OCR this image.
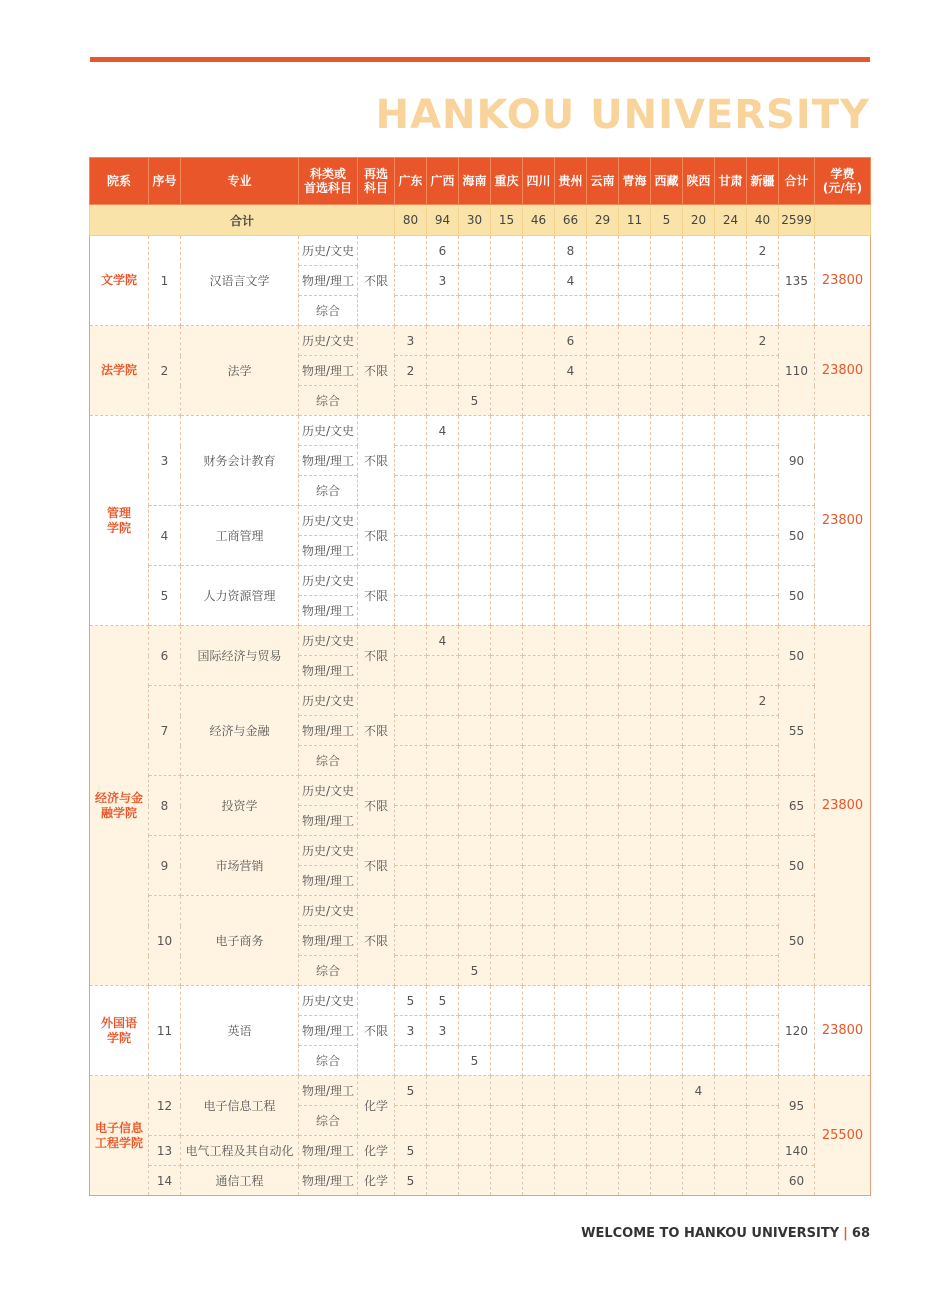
HANKOU UNIVERSITY
院系	序号	专业	科类或
首选科目	再选
科目	广东	广西	海南	重庆	四川	贵州	云南	青海	西藏	陕西	甘肃	新疆	合计	学费
(元/年)
合计					80	94	30	15	46	66	29	11	5	20	24	40	2599	
文学院	1	汉语言文学	历史/文史	不限		6				8						2	135	23800
			物理/理工			3				4								
			综合															
法学院	2	法学	历史/文史	不限	3					6						2	110	23800
			物理/理工		2					4								
			综合				5											
管理
学院	3	财务会计教育	历史/文史	不限		4											90	23800
			物理/理工															
			综合															
	4	工商管理	历史/文史	不限													50	
			物理/理工															
	5	人力资源管理	历史/文史	不限													50	
			物理/理工															
经济与金
融学院	6	国际经济与贸易	历史/文史	不限		4											50	23800
			物理/理工															
	7	经济与金融	历史/文史	不限												2	55	
			物理/理工															
			综合															
	8	投资学	历史/文史	不限													65	
			物理/理工															
	9	市场营销	历史/文史	不限													50	
			物理/理工															
	10	电子商务	历史/文史	不限													50	
			物理/理工															
			综合				5											
外国语
学院	11	英语	历史/文史	不限	5	5											120	23800
			物理/理工		3	3												
			综合				5											
电子信息
工程学院	12	电子信息工程	物理/理工	化学	5									4			95	25500
			综合															
	13	电气工程及其自动化	物理/理工	化学	5												140	
	14	通信工程	物理/理工	化学	5												60	
WELCOME TO HANKOU UNIVERSITY | 68
